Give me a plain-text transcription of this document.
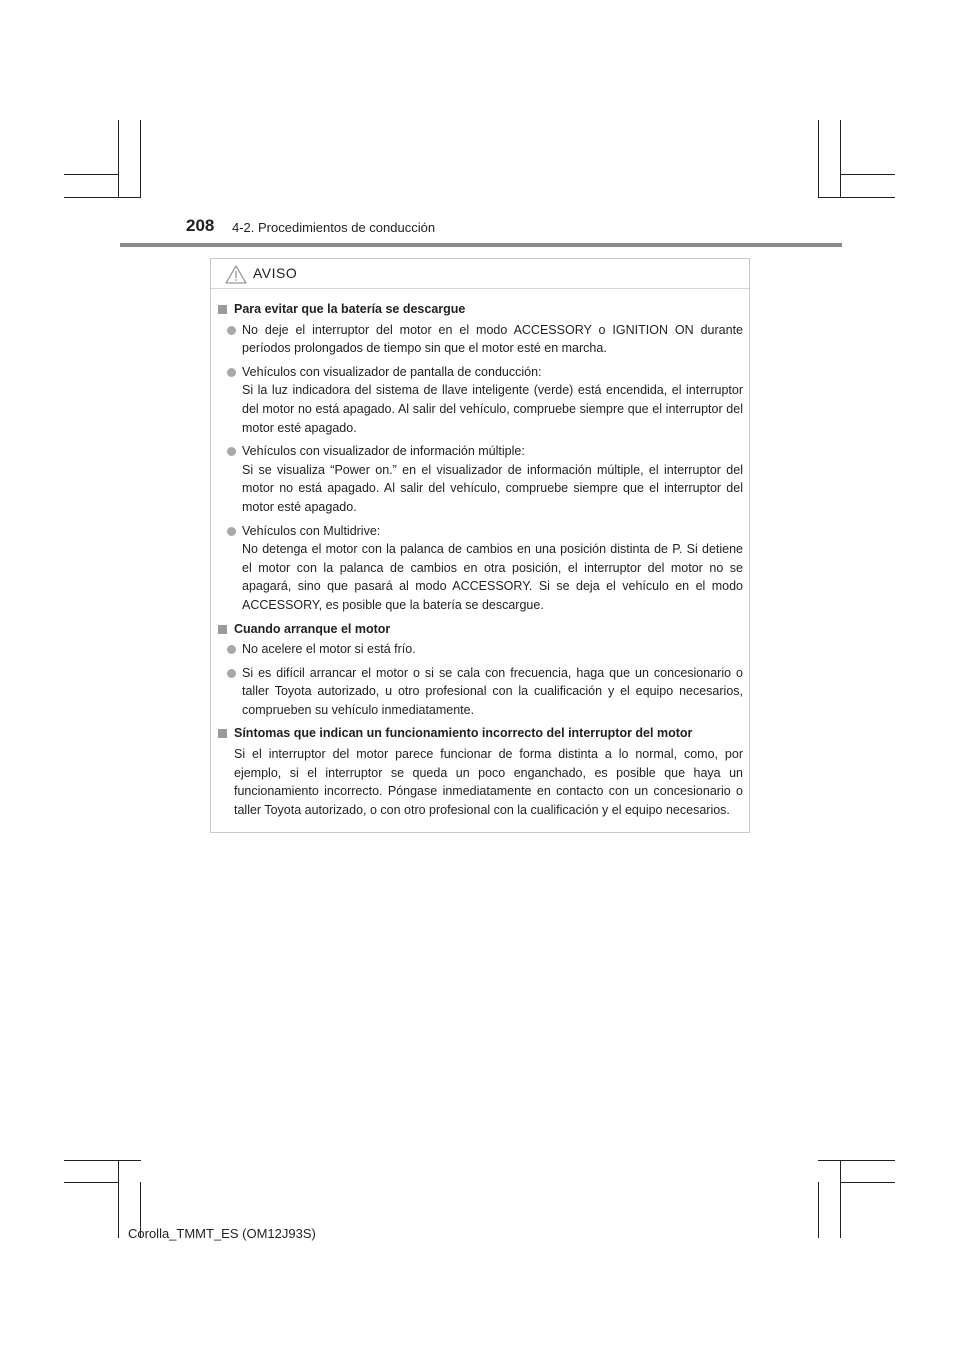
208 4-2. Procedimientos de conducción
AVISO
Para evitar que la batería se descargue

No deje el interruptor del motor en el modo ACCESSORY o IGNITION ON durante períodos prolongados de tiempo sin que el motor esté en marcha.

Vehículos con visualizador de pantalla de conducción:

Si la luz indicadora del sistema de llave inteligente (verde) está encendida, el interruptor del motor no está apagado. Al salir del vehículo, compruebe siempre que el interruptor del motor esté apagado.

Vehículos con visualizador de información múltiple:

Si se visualiza “Power on.” en el visualizador de información múltiple, el interruptor del motor no está apagado. Al salir del vehículo, compruebe siempre que el interruptor del motor esté apagado.

Vehículos con Multidrive:

No detenga el motor con la palanca de cambios en una posición distinta de P. Si detiene el motor con la palanca de cambios en otra posición, el interruptor del motor no se apagará, sino que pasará al modo ACCESSORY. Si se deja el vehículo en el modo ACCESSORY, es posible que la batería se descargue.

Cuando arranque el motor

No acelere el motor si está frío.

Si es difícil arrancar el motor o si se cala con frecuencia, haga que un concesionario o taller Toyota autorizado, u otro profesional con la cualificación y el equipo necesarios, comprueben su vehículo inmediatamente.

Síntomas que indican un funcionamiento incorrecto del interruptor del motor

Si el interruptor del motor parece funcionar de forma distinta a lo normal, como, por ejemplo, si el interruptor se queda un poco enganchado, es posible que haya un funcionamiento incorrecto. Póngase inmediatamente en contacto con un concesionario o taller Toyota autorizado, o con otro profesional con la cualificación y el equipo necesarios.

Corolla_TMMT_ES (OM12J93S)
